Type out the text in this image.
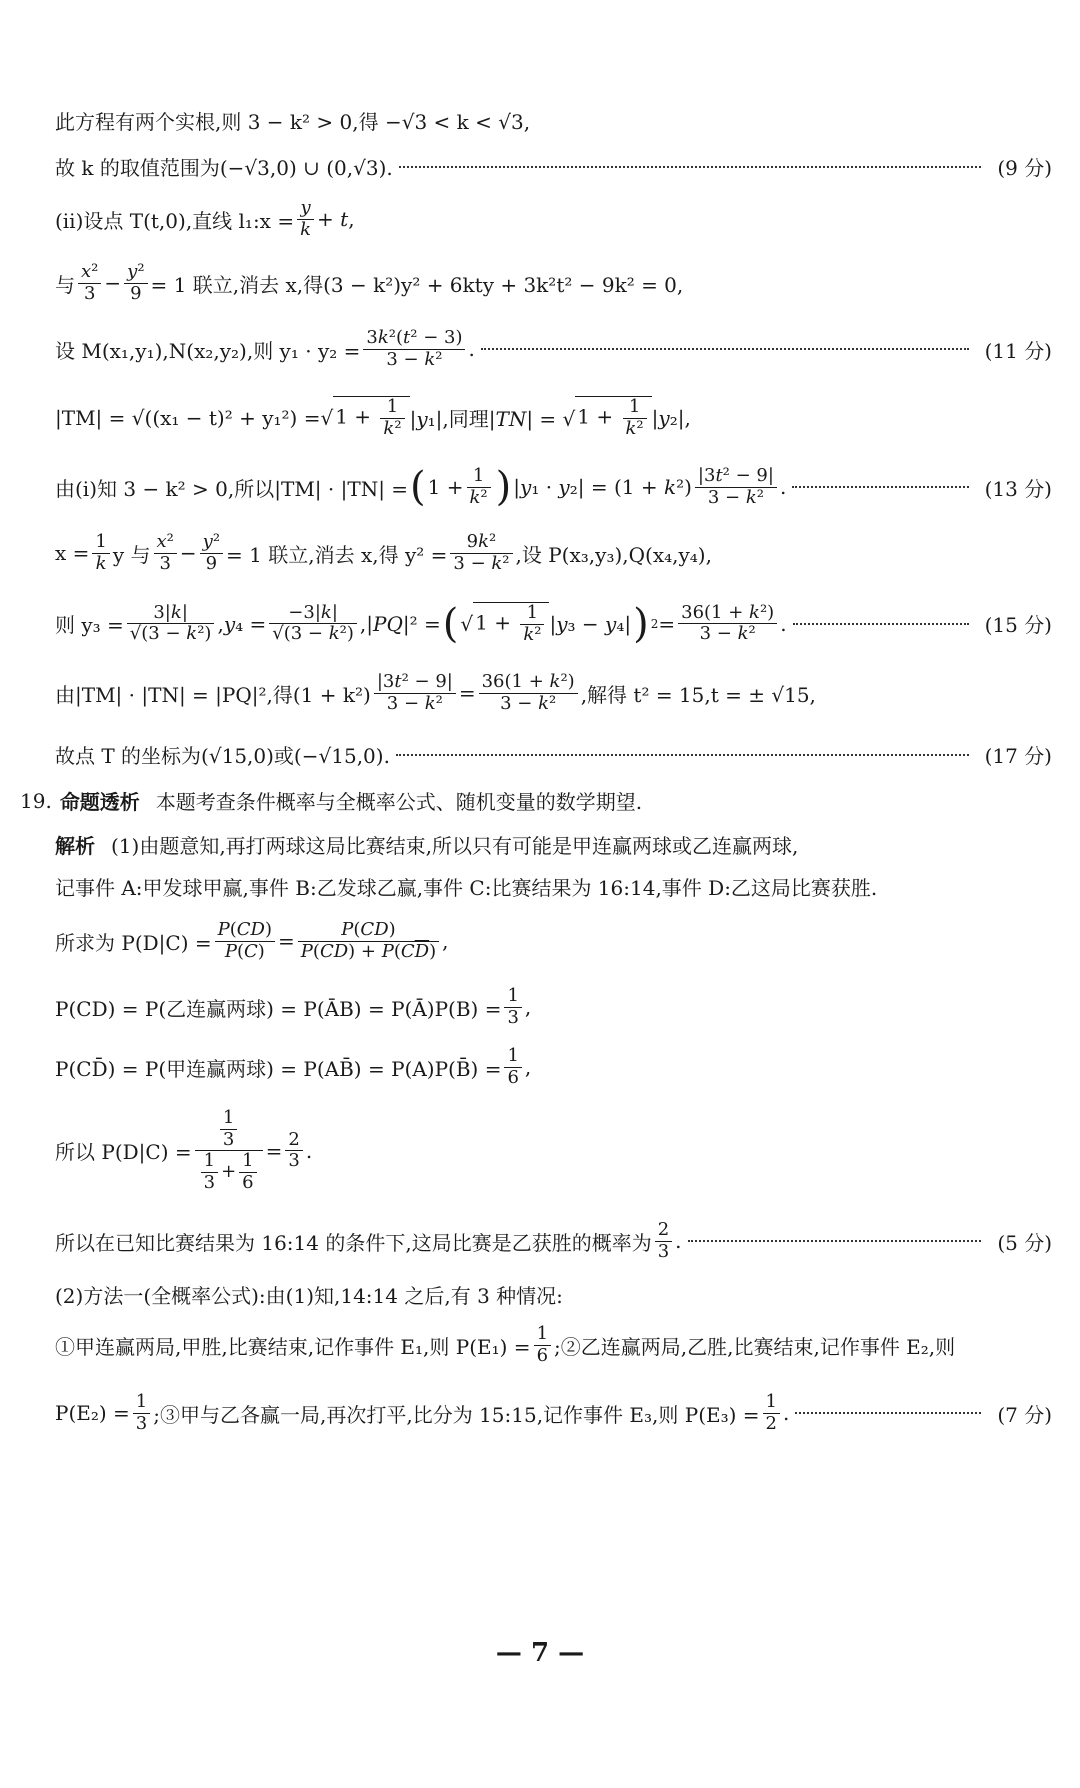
此方程有两个实根,则 3 − k² > 0,得 −√3 < k < √3,
故 k 的取值范围为(−√3,0) ∪ (0,√3).	(9 分)
(ⅱ)设点 T(t,0),直线 l₁:x = $\frac{y}{k} + t$,
与 $\frac{\text{x²}}{3} - \frac{\text{y²}}{9} = 1$ 联立,消去 x,得(3 − k²)y² + 6kty + 3k²t² − 9k² = 0,
设 M(x₁,y₁),N(x₂,y₂),则 $y_1 \cdot y_2 = \frac{\text{3k²(t² − 3)}}{\text{3 − k²}}$ .	(11 分)
|TM| = √((x₁ − t)² + y₁²) = √ $1 + \frac{1}{\text{k²}} |y_1|$,同理|TN| = √ $1 + \frac{1}{\text{k²}} |y_2|$,
由(ⅰ)知 3 − k² > 0,所以|TM| · |TN| = ( $1 + \frac{1}{\text{k²}}$ ) $|y_1 \cdot y_2| = (1 + k^2) \frac{\text{|3t² − 9|}}{\text{3 − k²}}$ .	(13 分)
$x = \frac{1}{k}$ y 与 $\frac{\text{x²}}{3} - \frac{\text{y²}}{9} = 1$ 联立,消去 x,得 $y^2 = \frac{\text{9k²}}{\text{3 − k²}}$ ,设 P(x₃,y₃),Q(x₄,y₄),
则 $y_3 = \frac{3|k|}{\text{√(3 − k²)}} ,y_4 = \frac{-3|k|}{\text{√(3 − k²)}} ,|PQ|^2$ = ( √ $1 + \frac{1}{\text{k²}} |y_3 - y_4|$ ) $2 = \frac{\text{36(1 + k²)}}{\text{3 − k²}}$ .	(15 分)
由|TM| · |TN| = |PQ|²,得$(1 + k^2) \frac{\text{|3t² − 9|}}{\text{3 − k²}} = \frac{\text{36(1 + k²)}}{\text{3 − k²}}$ ,解得 t² = 15,t = ± √15,
故点 T 的坐标为(√15,0)或(−√15,0).	(17 分)
19. 命题透析 本题考查条件概率与全概率公式、随机变量的数学期望.
解析 (1)由题意知,再打两球这局比赛结束,所以只有可能是甲连赢两球或乙连赢两球,
记事件 A:甲发球甲赢,事件 B:乙发球乙赢,事件 C:比赛结果为 16:14,事件 D:乙这局比赛获胜.
所求为 $P(D|C) = \frac{P(CD)}{P(C)} = \frac{P(CD)}{P(CD) + P(C\overline{D})}$ ,
P(CD) = P(乙连赢两球) = P(ĀB) = P(Ā)P(B) = $\frac{1}{3}$ ,
P(CD̄) = P(甲连赢两球) = P(AB̄) = P(A)P(B̄) = $\frac{1}{6}$ ,
所以 $P(D|C) = \frac{\frac{1}{3}}{\frac{1}{3} + \frac{1}{6}} = \frac{2}{3}$ .
所以在已知比赛结果为 16:14 的条件下,这局比赛是乙获胜的概率为 $\frac{2}{3}$ .	(5 分)
(2)方法一(全概率公式):由(1)知,14:14 之后,有 3 种情况:
①甲连赢两局,甲胜,比赛结束,记作事件 E₁,则 $P(E_1) = \frac{1}{6}$ ;②乙连赢两局,乙胜,比赛结束,记作事件 E₂,则
$P(E_2) = \frac{1}{3}$ ;③甲与乙各赢一局,再次打平,比分为 15:15,记作事件 E₃,则 $P(E_3) = \frac{1}{2}$ .	(7 分)
— 7 —
